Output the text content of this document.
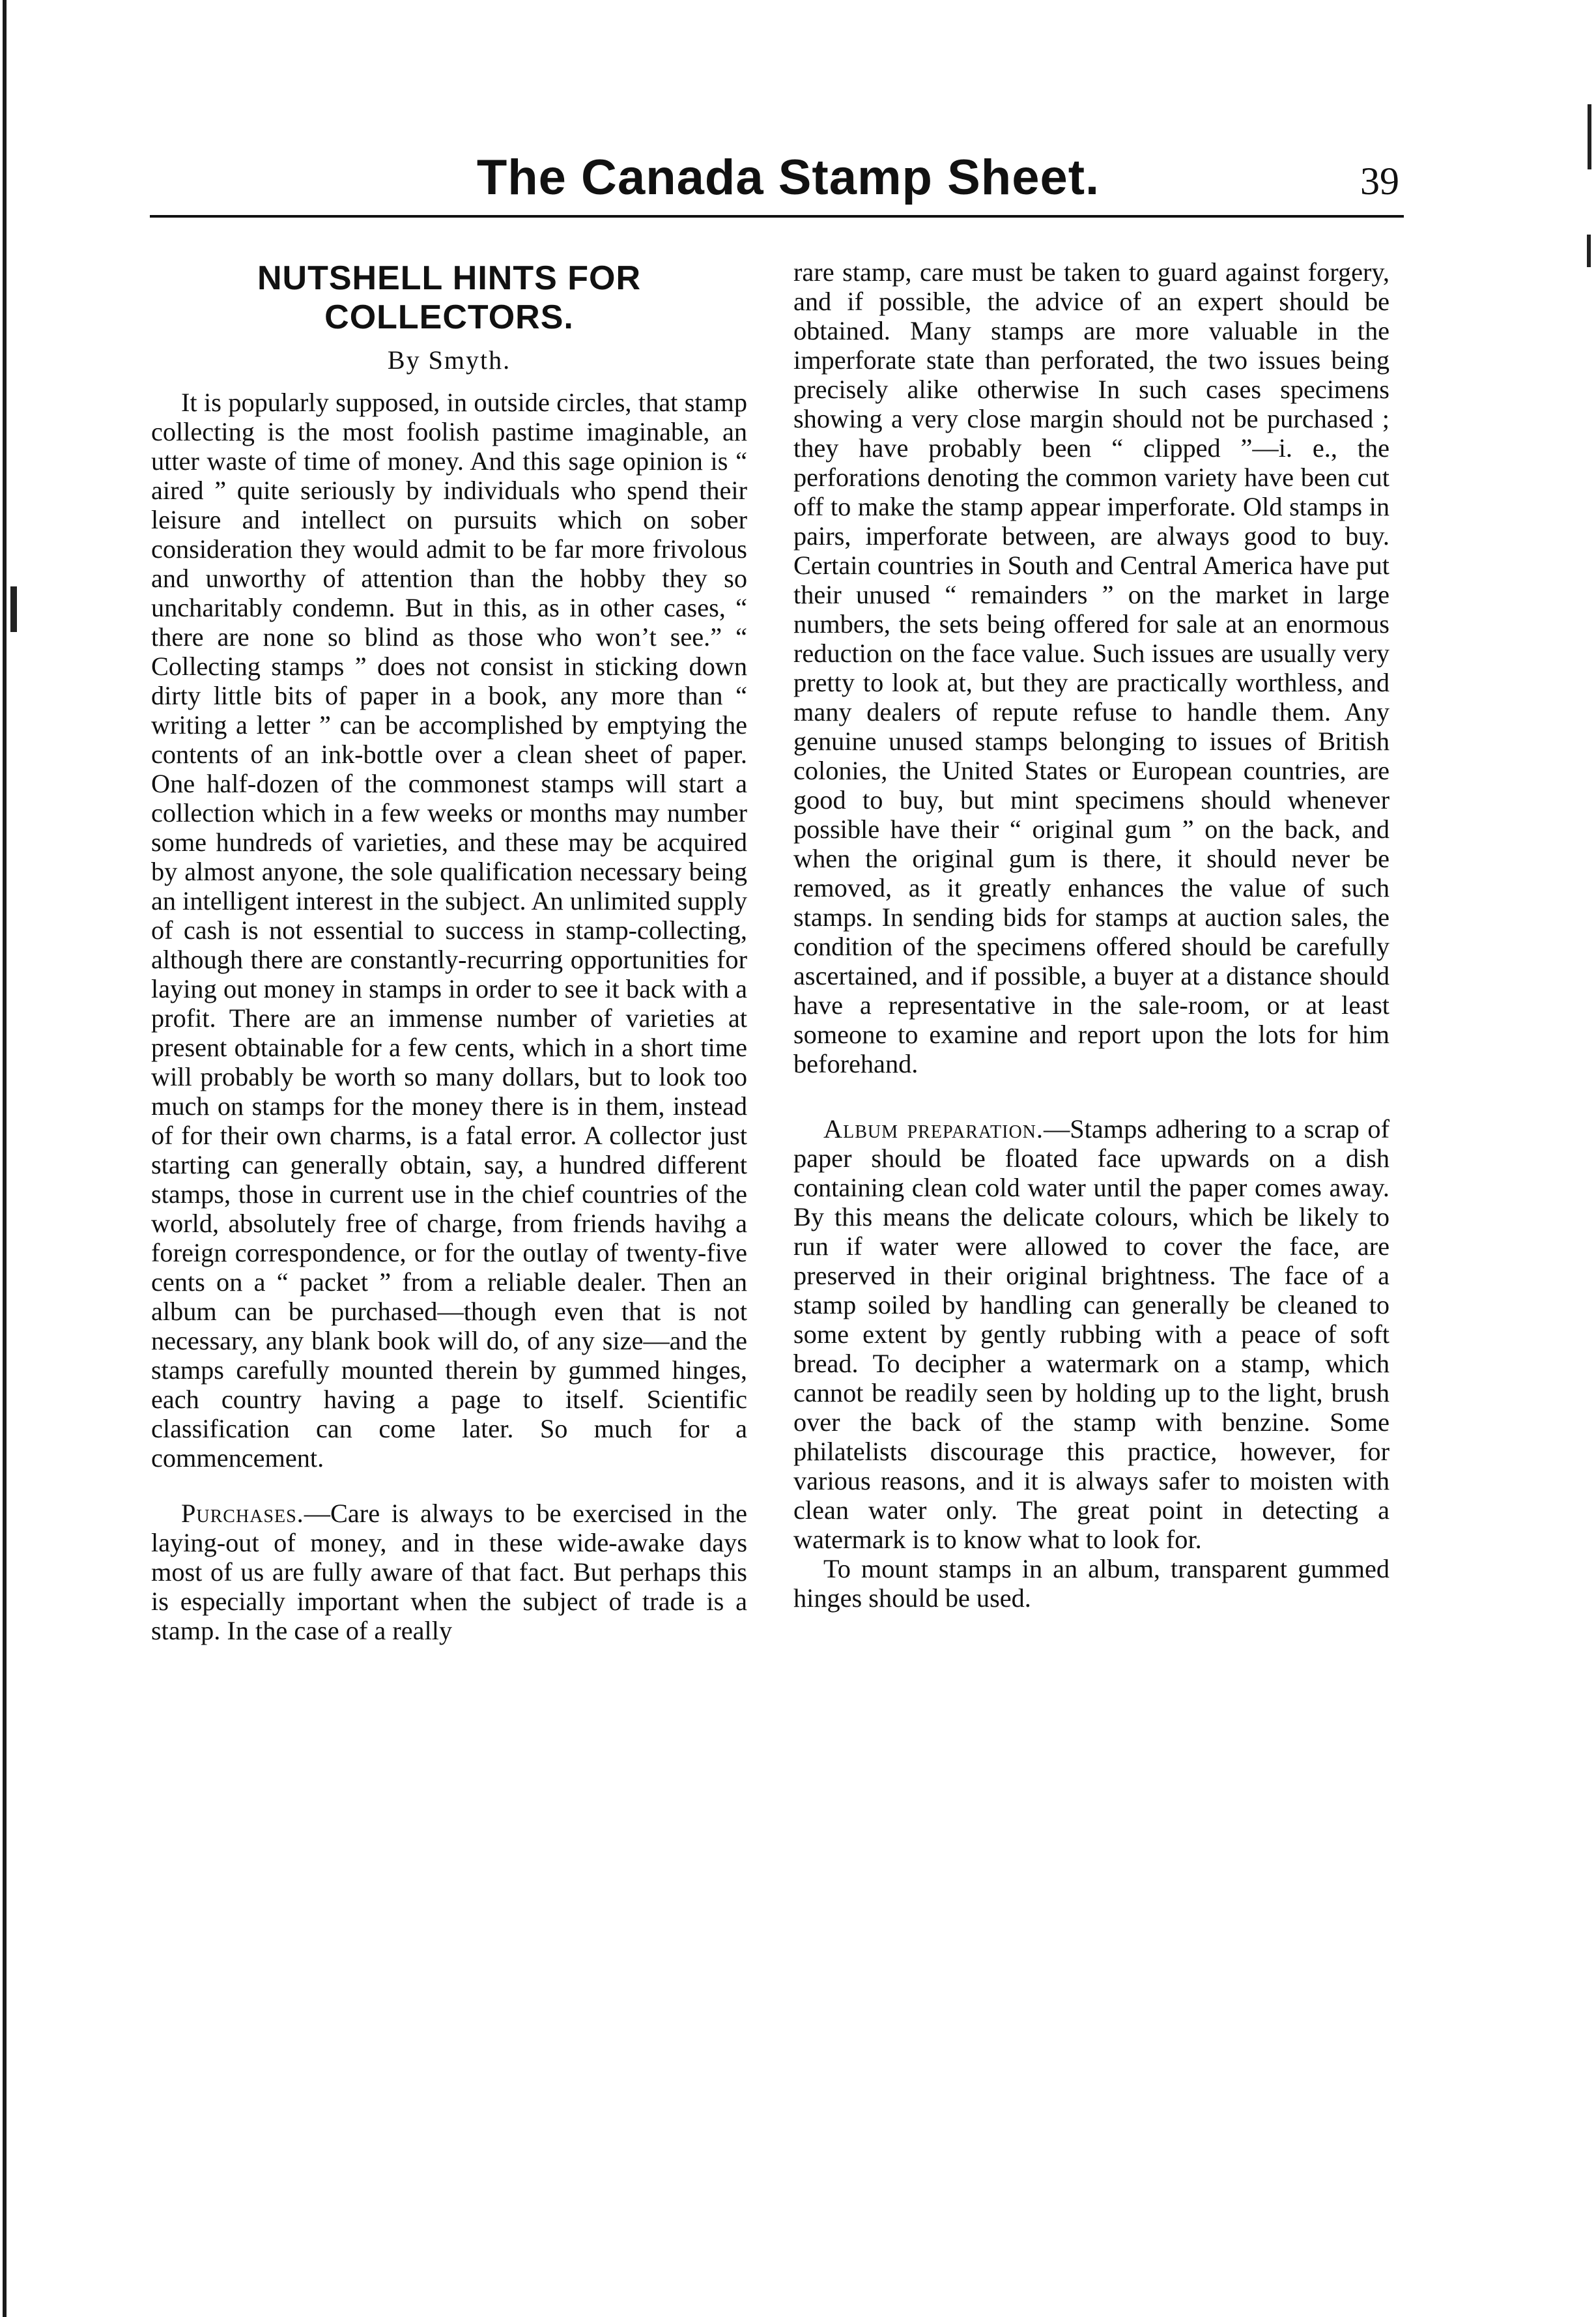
The Canada Stamp Sheet.	39
NUTSHELL HINTS FOR COLLECTORS.
By Smyth.

It is popularly supposed, in outside circles, that stamp collecting is the most foolish pastime imaginable, an utter waste of time of money. And this sage opinion is “ aired ” quite seriously by individuals who spend their leisure and intellect on pursuits which on sober consideration they would admit to be far more frivolous and unworthy of attention than the hobby they so uncharitably condemn. But in this, as in other cases, “ there are none so blind as those who won’t see.” “ Collecting stamps ” does not consist in sticking down dirty little bits of paper in a book, any more than “ writing a letter ” can be accomplished by emptying the contents of an ink-bottle over a clean sheet of paper. One half-dozen of the commonest stamps will start a collection which in a few weeks or months may number some hundreds of varieties, and these may be acquired by almost anyone, the sole qualification necessary being an intelligent interest in the subject. An unlimited supply of cash is not essential to success in stamp-collecting, although there are constantly-recurring opportunities for laying out money in stamps in order to see it back with a profit. There are an immense number of varieties at present obtainable for a few cents, which in a short time will probably be worth so many dollars, but to look too much on stamps for the money there is in them, instead of for their own charms, is a fatal error. A collector just starting can generally obtain, say, a hundred different stamps, those in current use in the chief countries of the world, absolutely free of charge, from friends havihg a foreign correspondence, or for the outlay of twenty-five cents on a “ packet ” from a reliable dealer. Then an album can be purchased—though even that is not necessary, any blank book will do, of any size—and the stamps carefully mounted therein by gummed hinges, each country having a page to itself. Scientific classification can come later. So much for a commencement.

Purchases.—Care is always to be exercised in the laying-out of money, and in these wide-awake days most of us are fully aware of that fact. But perhaps this is especially important when the subject of trade is a stamp. In the case of a really

rare stamp, care must be taken to guard against forgery, and if possible, the advice of an expert should be obtained. Many stamps are more valuable in the imperforate state than perforated, the two issues being precisely alike otherwise In such cases specimens showing a very close margin should not be purchased ; they have probably been “ clipped ”—i. e., the perforations denoting the common variety have been cut off to make the stamp appear imperforate. Old stamps in pairs, imperforate between, are always good to buy. Certain countries in South and Central America have put their unused “ remainders ” on the market in large numbers, the sets being offered for sale at an enormous reduction on the face value. Such issues are usually very pretty to look at, but they are practically worthless, and many dealers of repute refuse to handle them. Any genuine unused stamps belonging to issues of British colonies, the United States or European countries, are good to buy, but mint specimens should whenever possible have their “ original gum ” on the back, and when the original gum is there, it should never be removed, as it greatly enhances the value of such stamps. In sending bids for stamps at auction sales, the condition of the specimens offered should be carefully ascertained, and if possible, a buyer at a distance should have a representative in the sale-room, or at least someone to examine and report upon the lots for him beforehand.

Album preparation.—Stamps adhering to a scrap of paper should be floated face upwards on a dish containing clean cold water until the paper comes away. By this means the delicate colours, which be likely to run if water were allowed to cover the face, are preserved in their original brightness. The face of a stamp soiled by handling can generally be cleaned to some extent by gently rubbing with a peace of soft bread. To decipher a watermark on a stamp, which cannot be readily seen by holding up to the light, brush over the back of the stamp with benzine. Some philatelists discourage this practice, however, for various reasons, and it is always safer to moisten with clean water only. The great point in detecting a watermark is to know what to look for.

To mount stamps in an album, transparent gummed hinges should be used.
